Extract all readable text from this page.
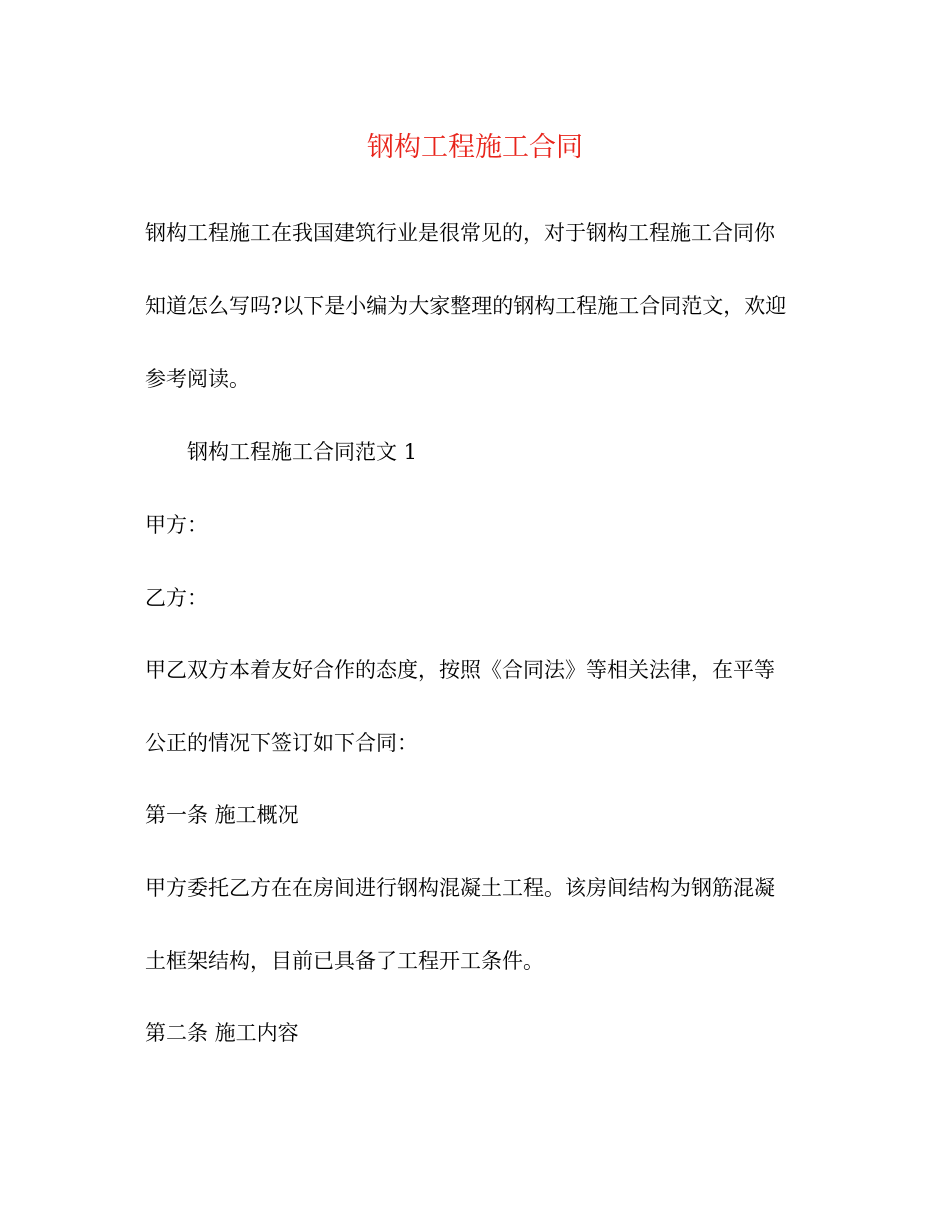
钢构工程施工合同

钢构工程施工在我国建筑行业是很常见的，对于钢构工程施工合同你

知道怎么写吗?以下是小编为大家整理的钢构工程施工合同范文，欢迎

参考阅读。

钢构工程施工合同范文 1

甲方：

乙方：

甲乙双方本着友好合作的态度，按照《合同法》等相关法律，在平等

公正的情况下签订如下合同：

第一条 施工概况

甲方委托乙方在在房间进行钢构混凝土工程。该房间结构为钢筋混凝

土框架结构，目前已具备了工程开工条件。

第二条 施工内容
